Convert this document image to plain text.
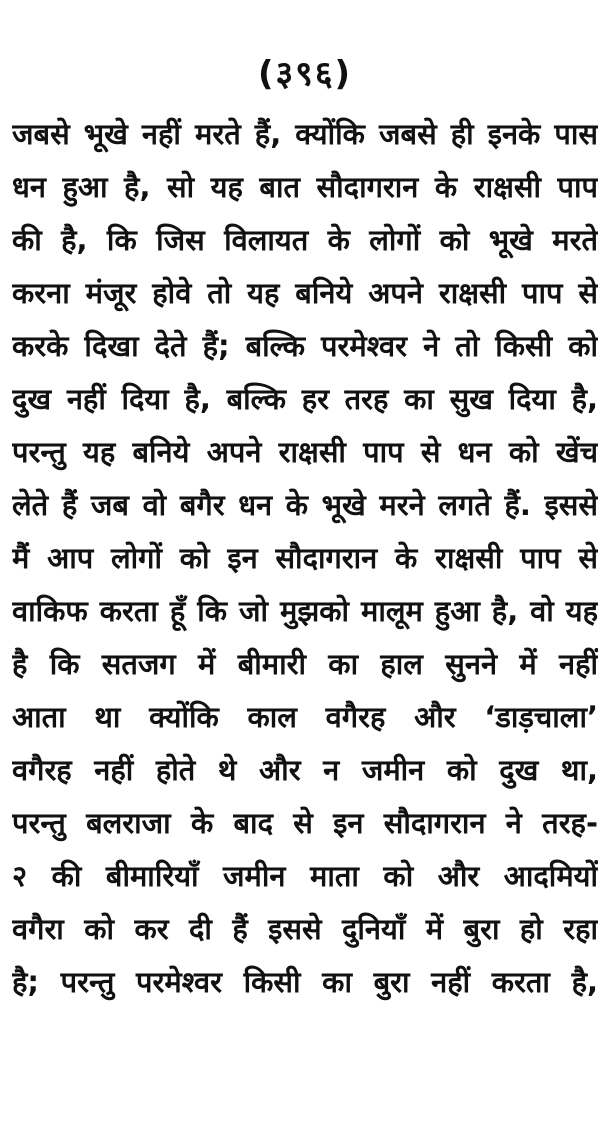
(३९६)
जबसे भूखे नहीं मरते हैं, क्योंकि जबसे ही इनके पास
धन हुआ है, सो यह बात सौदागरान के राक्षसी पाप
की है, कि जिस विलायत के लोगों को भूखे मरते
करना मंजूर होवे तो यह बनिये अपने राक्षसी पाप से
करके दिखा देते हैं; बल्कि परमेश्वर ने तो किसी को
दुख नहीं दिया है, बल्कि हर तरह का सुख दिया है,
परन्तु यह बनिये अपने राक्षसी पाप से धन को खेंच
लेते हैं जब वो बगैर धन के भूखे मरने लगते हैं. इससे
मैं आप लोगों को इन सौदागरान के राक्षसी पाप से
वाकिफ करता हूँ कि जो मुझको मालूम हुआ है, वो यह
है कि सतजग में बीमारी का हाल सुनने में नहीं
आता था क्योंकि काल वगैरह और ‘डाड़चाला’
वगैरह नहीं होते थे और न जमीन को दुख था,
परन्तु बलराजा के बाद से इन सौदागरान ने तरह-
२ की बीमारियाँ जमीन माता को और आदमियों
वगैरा को कर दी हैं इससे दुनियाँ में बुरा हो रहा
है; परन्तु परमेश्वर किसी का बुरा नहीं करता है,
